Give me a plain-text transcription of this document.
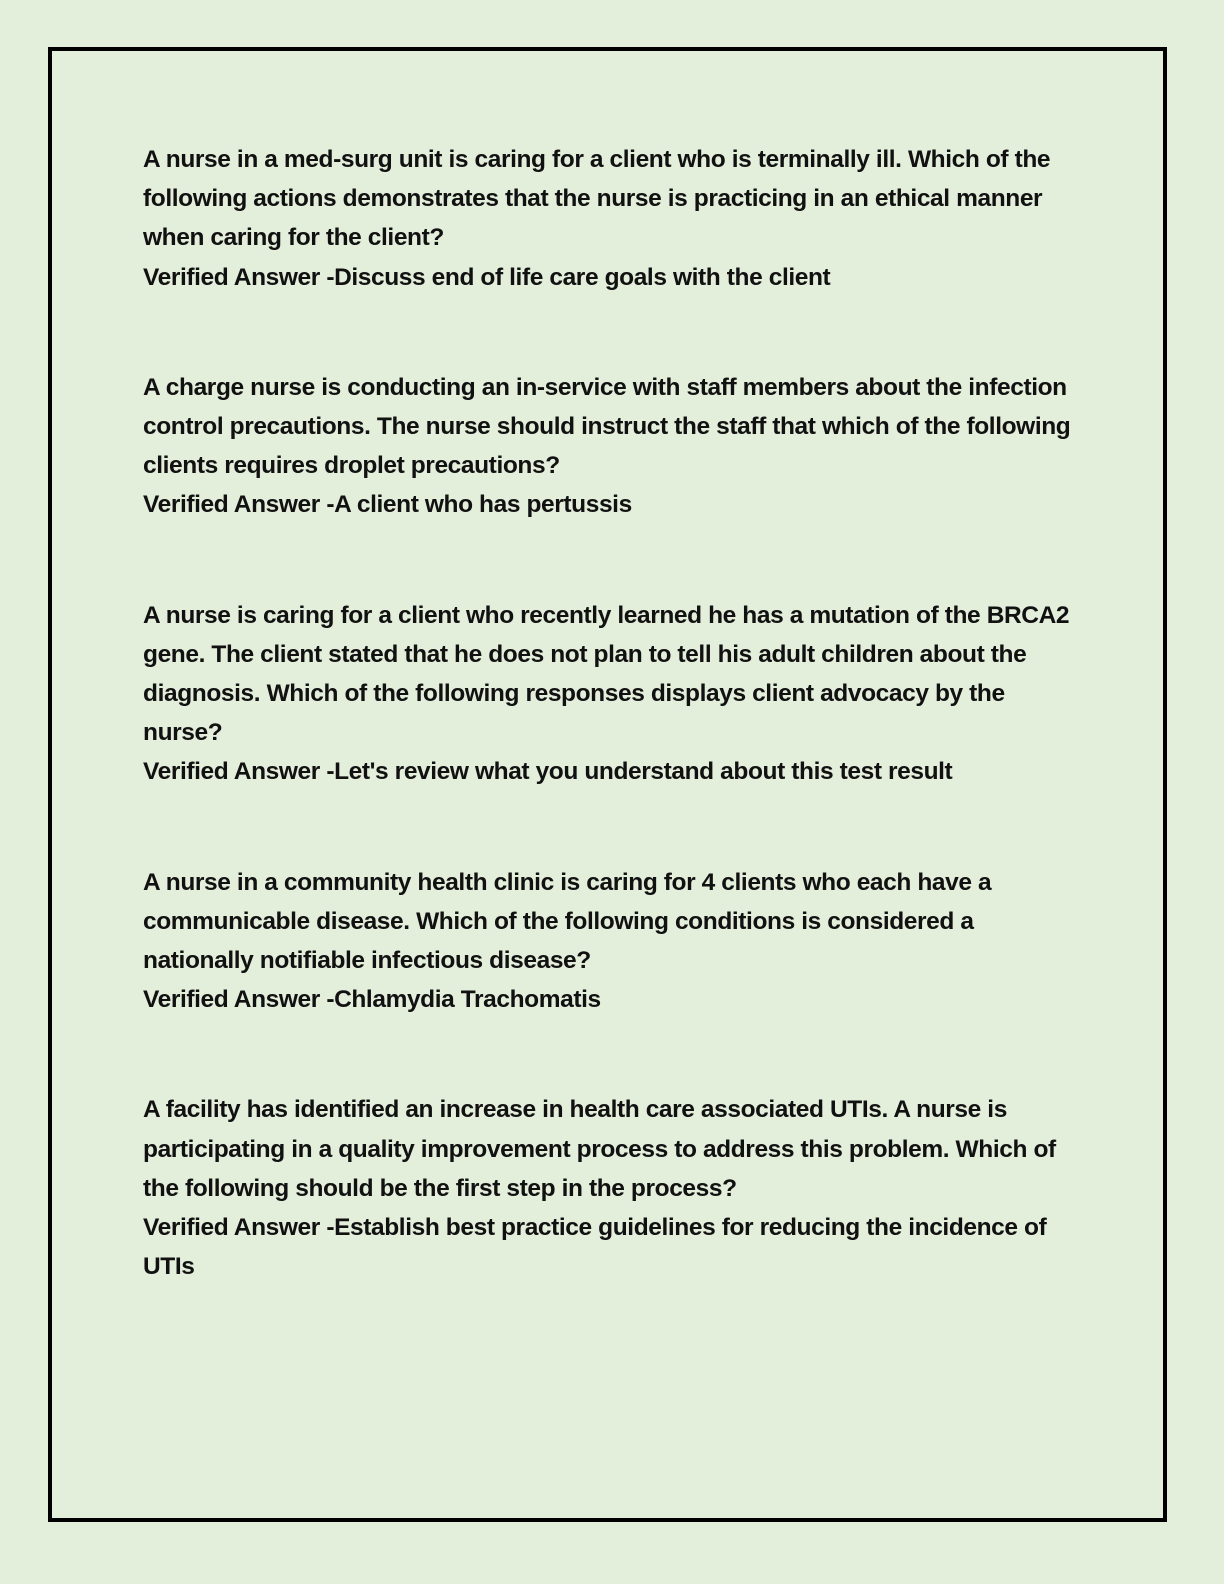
A nurse in a med-surg unit is caring for a client who is terminally ill. Which of the following actions demonstrates that the nurse is practicing in an ethical manner when caring for the client?

Verified Answer -Discuss end of life care goals with the client

A charge nurse is conducting an in-service with staff members about the infection control precautions. The nurse should instruct the staff that which of the following clients requires droplet precautions?

Verified Answer -A client who has pertussis

A nurse is caring for a client who recently learned he has a mutation of the BRCA2 gene. The client stated that he does not plan to tell his adult children about the diagnosis. Which of the following responses displays client advocacy by the nurse?

Verified Answer -Let's review what you understand about this test result

A nurse in a community health clinic is caring for 4 clients who each have a communicable disease. Which of the following conditions is considered a nationally notifiable infectious disease?

Verified Answer -Chlamydia Trachomatis

A facility has identified an increase in health care associated UTIs. A nurse is participating in a quality improvement process to address this problem. Which of the following should be the first step in the process?

Verified Answer -Establish best practice guidelines for reducing the incidence of UTIs
